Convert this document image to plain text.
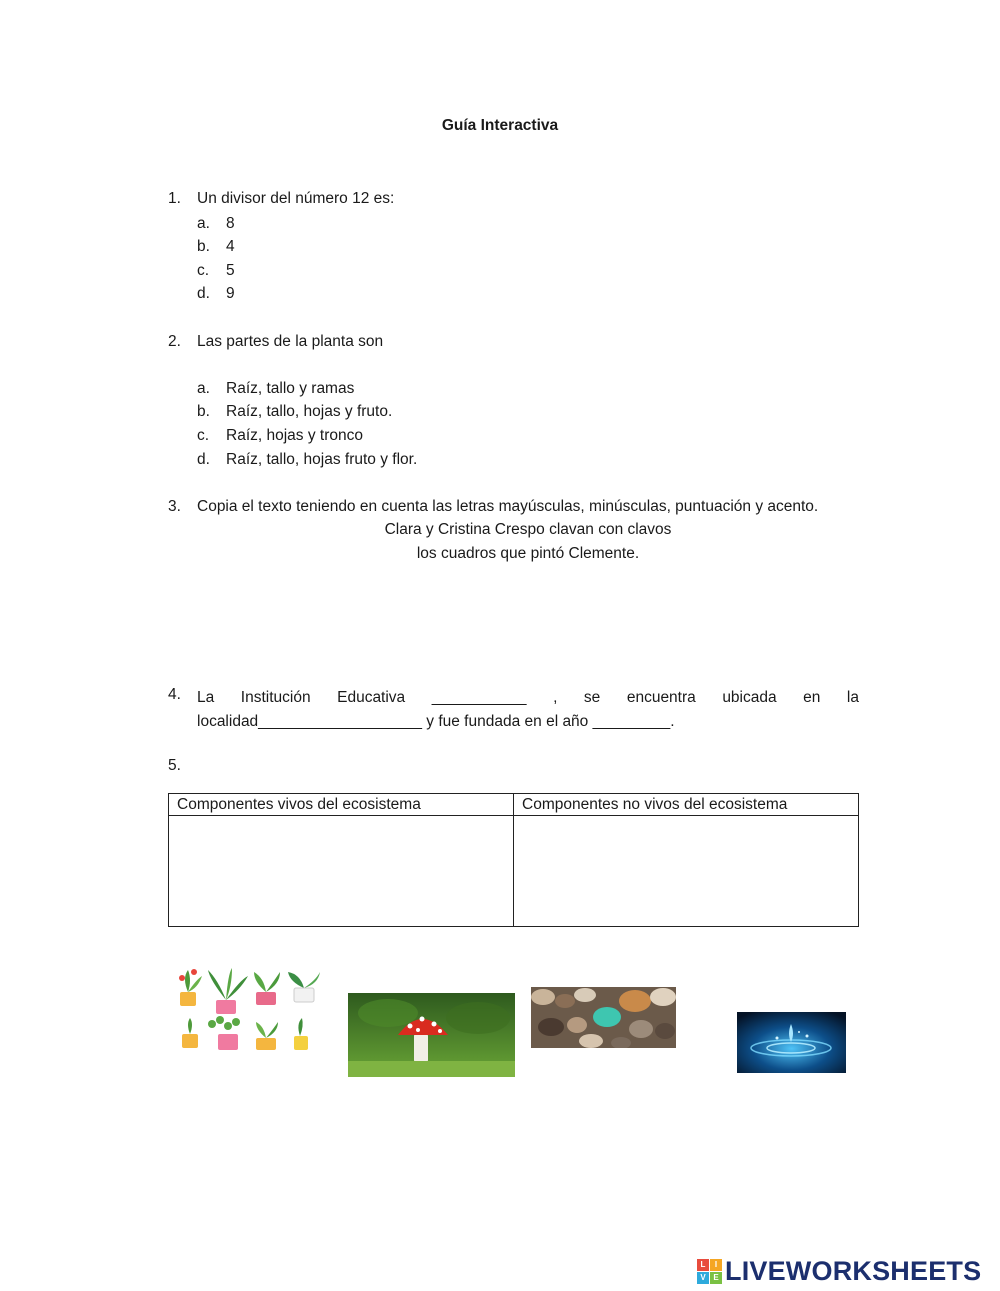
Guía Interactiva
1.	Un divisor del número 12 es:
a.	8
b.	4
c.	5
d.	9
2.	Las partes de la planta son
a.	Raíz, tallo y ramas
b.	Raíz, tallo, hojas y fruto.
c.	Raíz, hojas y tronco
d.	Raíz, tallo, hojas fruto y flor.
3.	Copia el texto teniendo en cuenta las letras mayúsculas, minúsculas, puntuación y acento.
Clara y Cristina Crespo clavan con clavos
los cuadros que pintó Clemente.
4.	La Institución Educativa ___________ , se encuentra ubicada en la
localidad___________________ y fue fundada en el año _________.
5.
Componentes vivos del ecosistema	Componentes no vivos del ecosistema

L	I
V E LIVEWORKSHEETS
